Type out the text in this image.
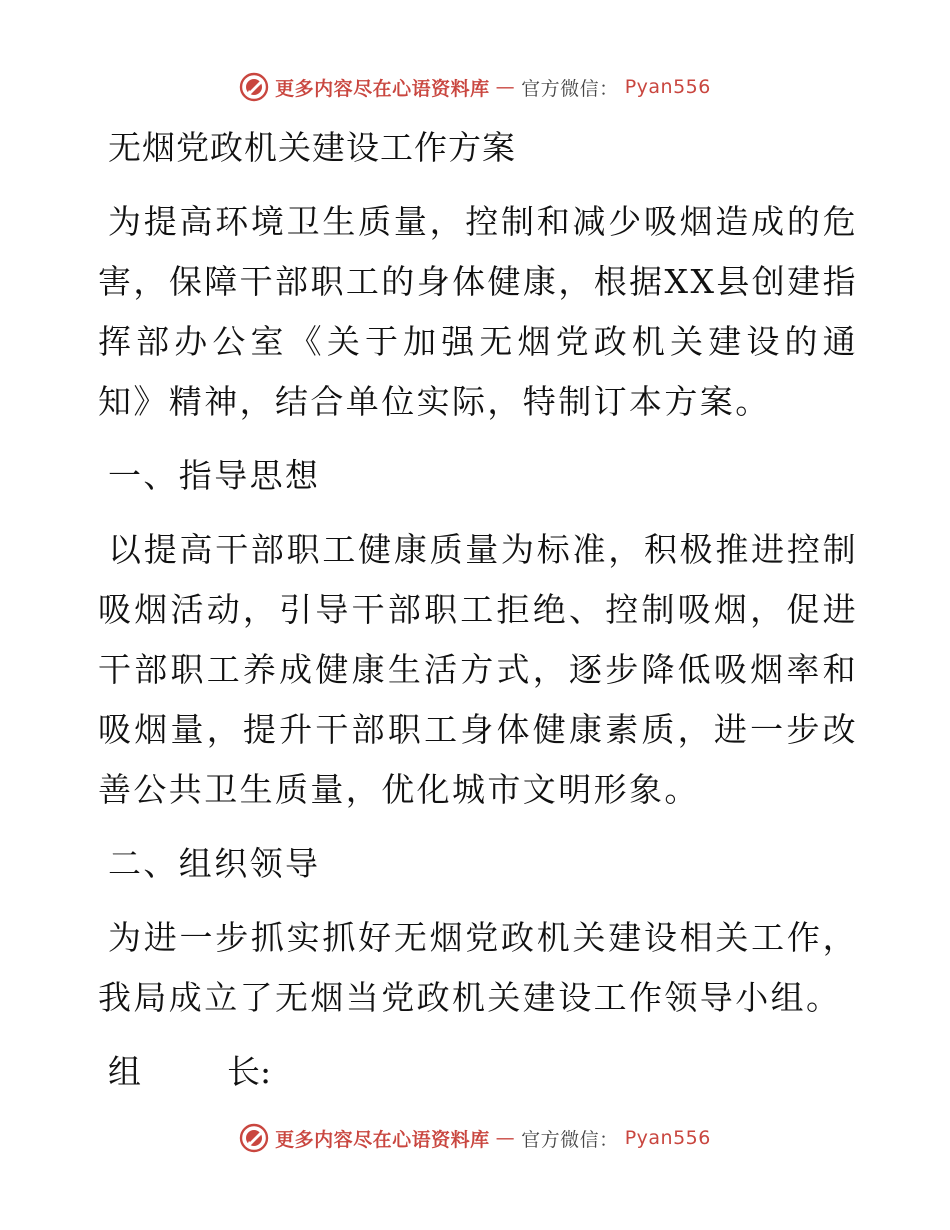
更多内容尽在心语资料库 — 官方微信： Pyan556

无烟党政机关建设工作方案

为提高环境卫生质量，控制和减少吸烟造成的危害，保障干部职工的身体健康，根据XX县创建指挥部办公室《关于加强无烟党政机关建设的通知》精神，结合单位实际，特制订本方案。

一、指导思想

以提高干部职工健康质量为标准，积极推进控制吸烟活动，引导干部职工拒绝、控制吸烟，促进干部职工养成健康生活方式，逐步降低吸烟率和吸烟量，提升干部职工身体健康素质，进一步改善公共卫生质量，优化城市文明形象。

二、组织领导

为进一步抓实抓好无烟党政机关建设相关工作，我局成立了无烟当党政机关建设工作领导小组。

组	长:

更多内容尽在心语资料库 — 官方微信： Pyan556
